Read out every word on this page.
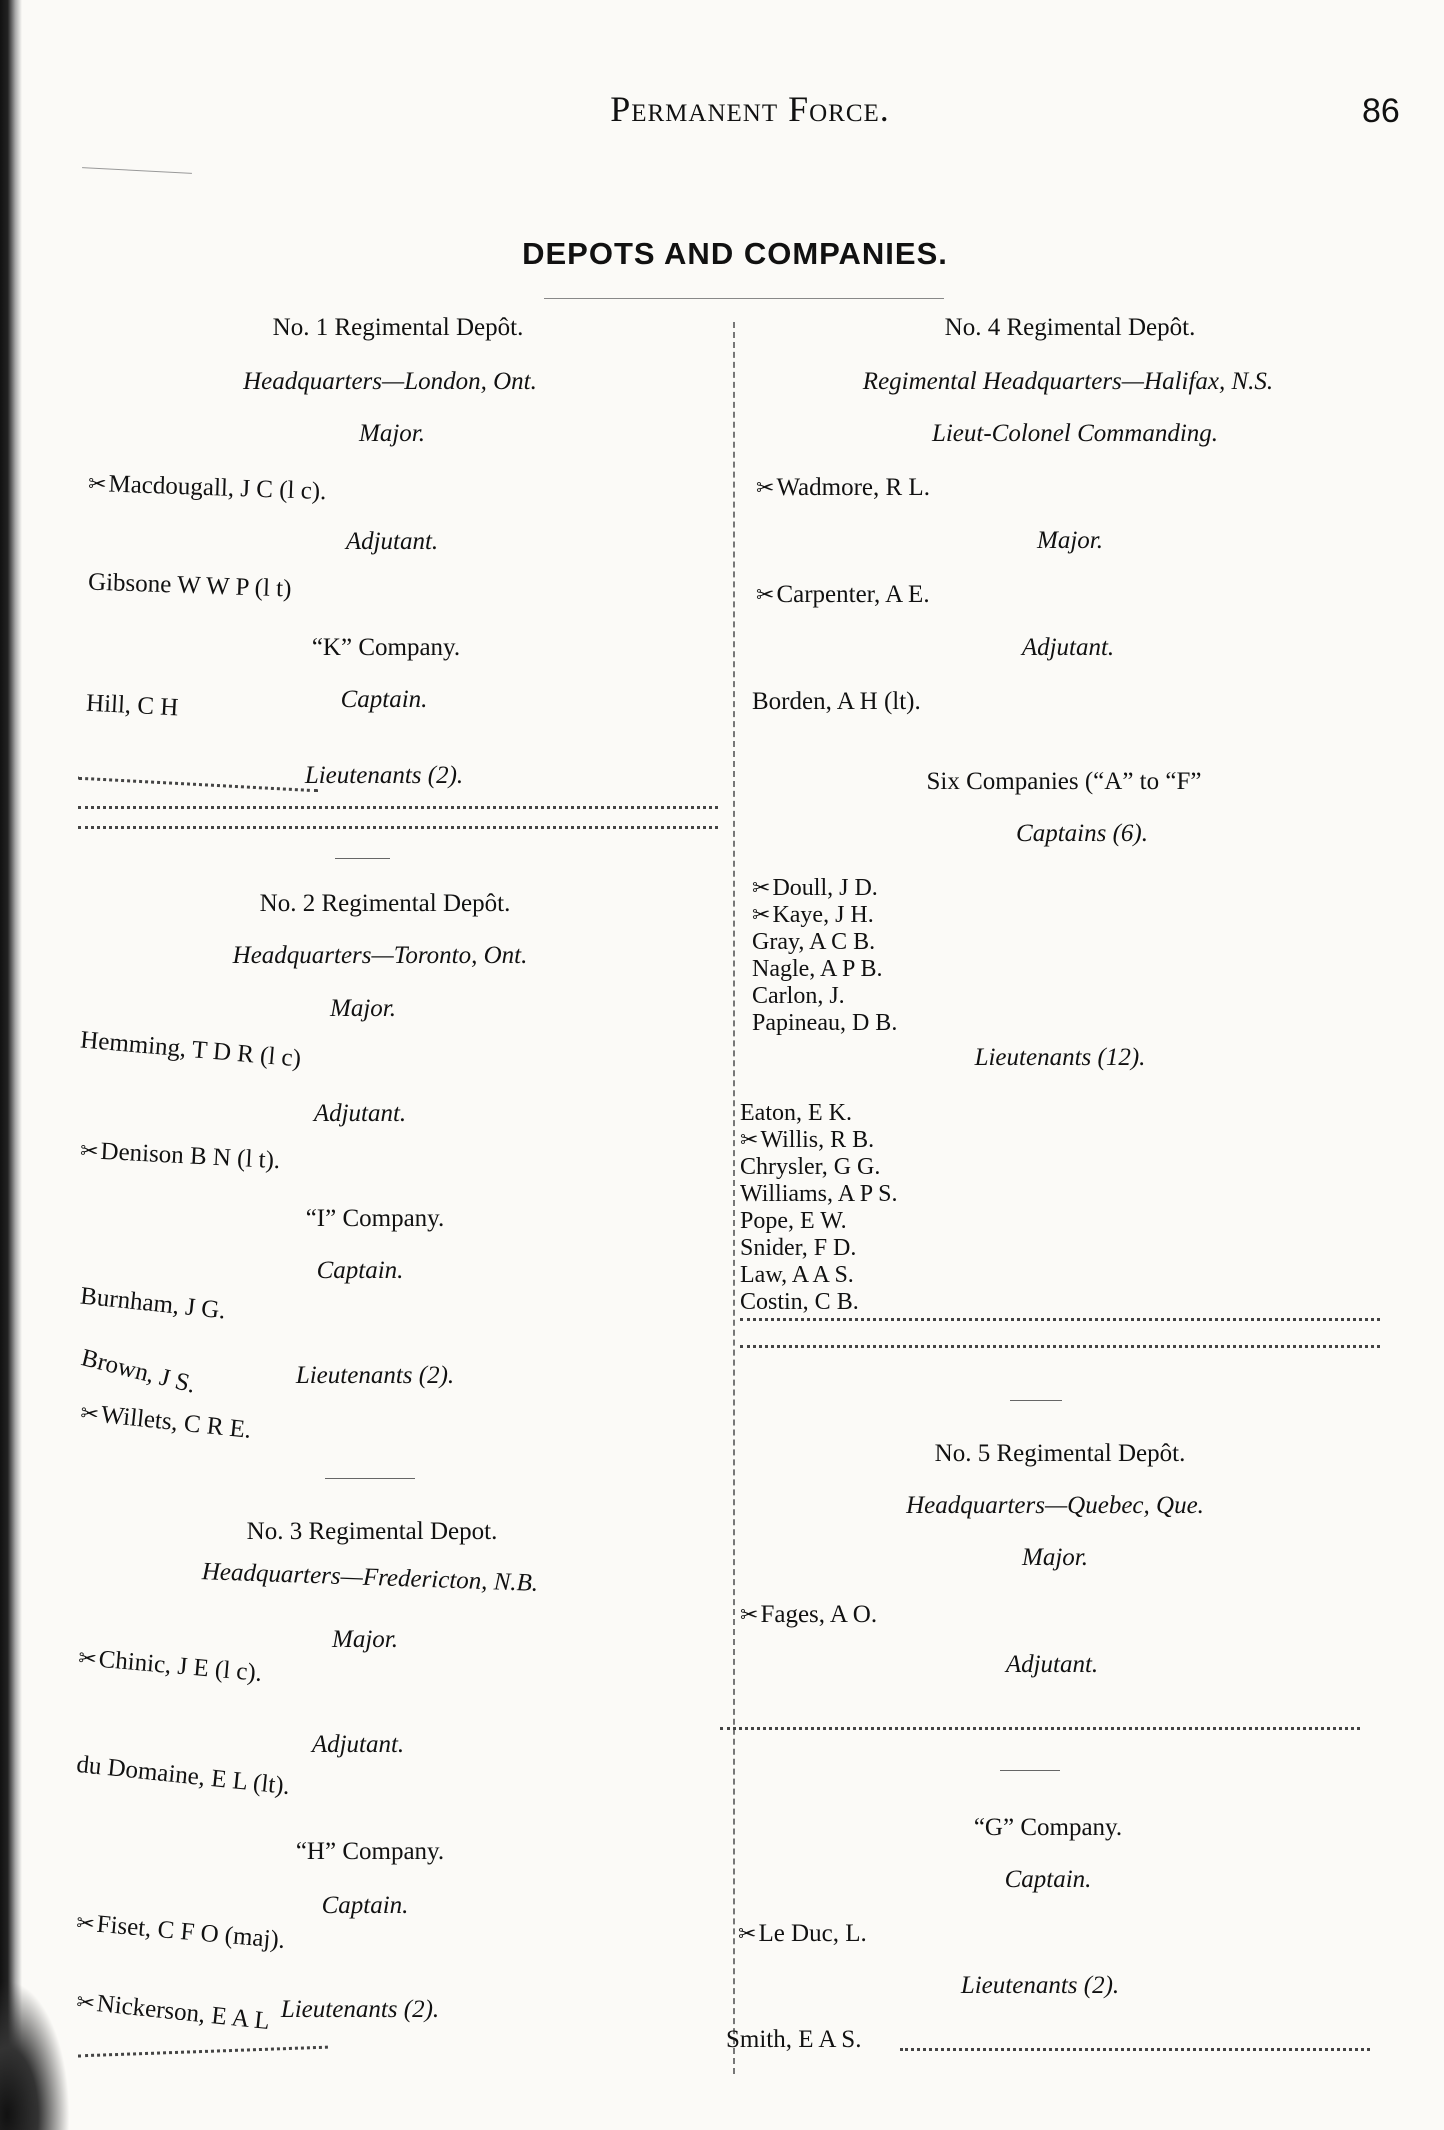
Permanent Force.	86
DEPOTS AND COMPANIES.
No. 1 Regimental Depôt.
Headquarters—London, Ont.
Major.
✂Macdougall, J C (l c).
Adjutant.
Gibsone W W P (l t)
“K” Company.
Captain.
Hill, C H
Lieutenants (2).
No. 2 Regimental Depôt.
Headquarters—Toronto, Ont.
Major.
Hemming, T D R (l c)
Adjutant.
✂Denison B N (l t).
“I” Company.
Captain.
Burnham, J G.
Lieutenants (2).
Brown, J S.
✂Willets, C R E.
No. 3 Regimental Depot.
Headquarters—Fredericton, N.B.
Major.
✂Chinic, J E (l c).
Adjutant.
du Domaine, E L (lt).
“H” Company.
Captain.
✂Fiset, C F O (maj).
Lieutenants (2).
✂Nickerson, E A L
No. 4 Regimental Depôt.
Regimental Headquarters—Halifax, N.S.
Lieut-Colonel Commanding.
✂Wadmore, R L.
Major.
✂Carpenter, A E.
Adjutant.
Borden, A H (lt).
Six Companies (“A” to “F”
Captains (6).
✂Doull, J D.
✂Kaye, J H.
Gray, A C B.
Nagle, A P B.
Carlon, J.
Papineau, D B.
Lieutenants (12).
Eaton, E K.
✂Willis, R B.
Chrysler, G G.
Williams, A P S.
Pope, E W.
Snider, F D.
Law, A A S.
Costin, C B.
No. 5 Regimental Depôt.
Headquarters—Quebec, Que.
Major.
✂Fages, A O.
Adjutant.
“G” Company.
Captain.
✂Le Duc, L.
Lieutenants (2).
Smith, E A S.
